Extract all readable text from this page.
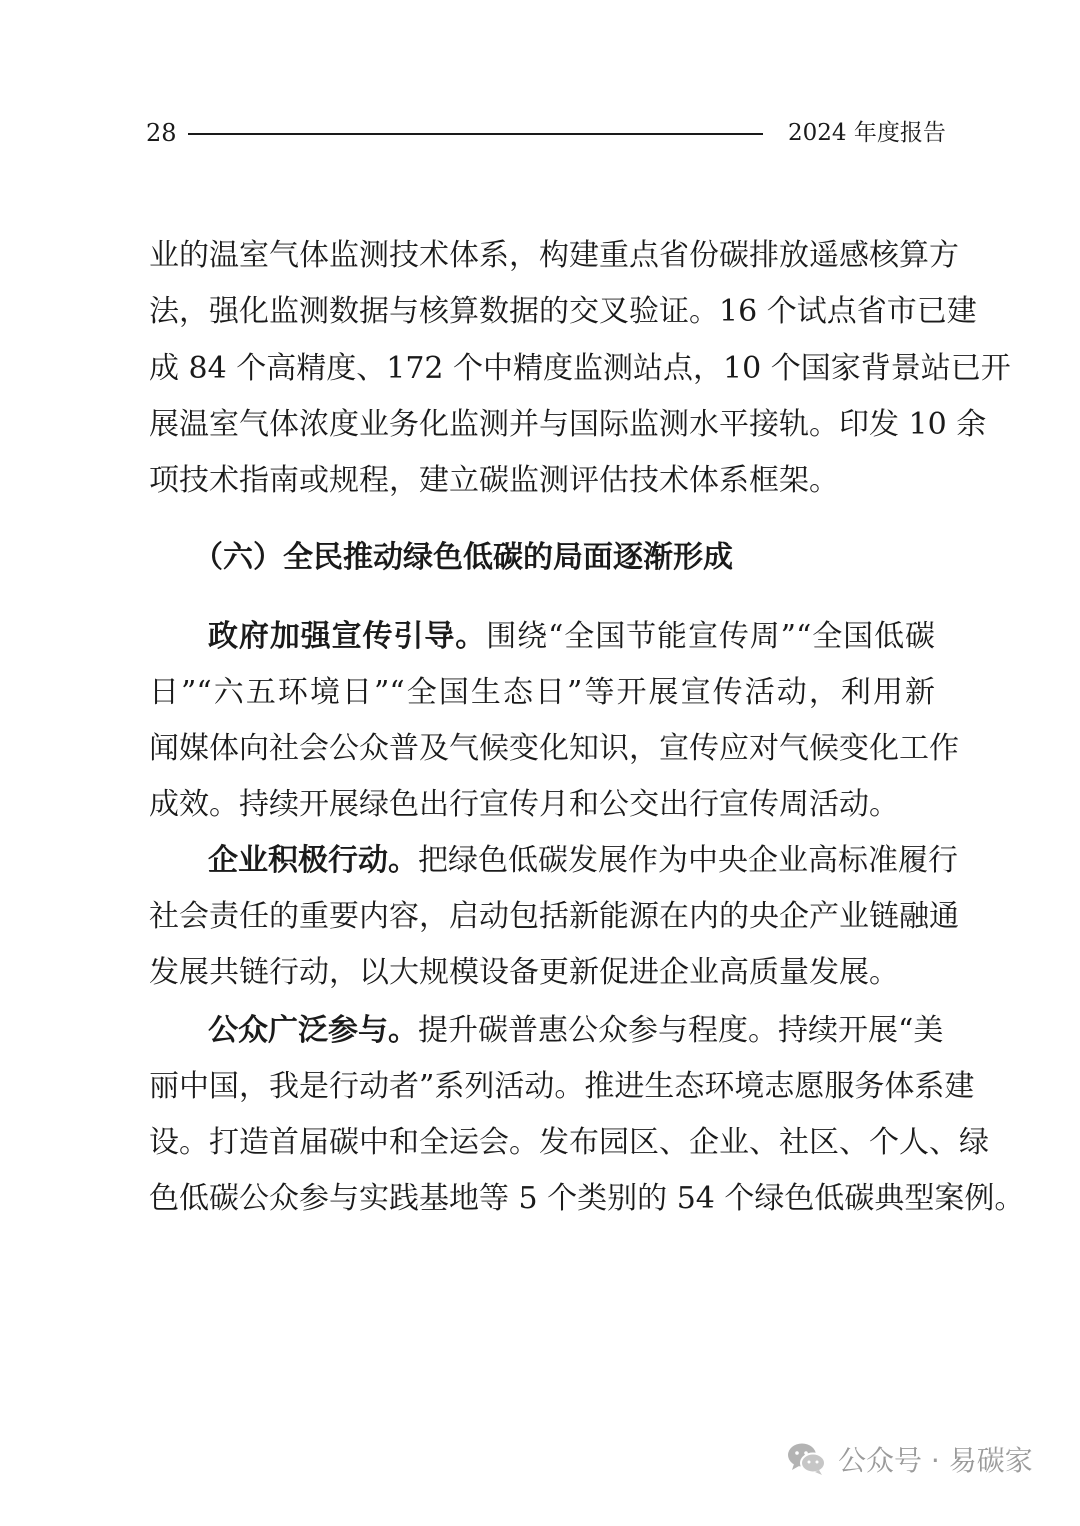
28	2024 年度报告
业的温室气体监测技术体系，构建重点省份碳排放遥感核算方
法，强化监测数据与核算数据的交叉验证。16 个试点省市已建
成 84 个高精度、172 个中精度监测站点，10 个国家背景站已开
展温室气体浓度业务化监测并与国际监测水平接轨。印发 10 余
项技术指南或规程，建立碳监测评估技术体系框架。
（六）全民推动绿色低碳的局面逐渐形成
政府加强宣传引导。围绕“全国节能宣传周”“全国低碳
日”“六五环境日”“全国生态日”等开展宣传活动，利用新
闻媒体向社会公众普及气候变化知识，宣传应对气候变化工作
成效。持续开展绿色出行宣传月和公交出行宣传周活动。
企业积极行动。把绿色低碳发展作为中央企业高标准履行
社会责任的重要内容，启动包括新能源在内的央企产业链融通
发展共链行动，以大规模设备更新促进企业高质量发展。
公众广泛参与。提升碳普惠公众参与程度。持续开展“美
丽中国，我是行动者”系列活动。推进生态环境志愿服务体系建
设。打造首届碳中和全运会。发布园区、企业、社区、个人、绿
色低碳公众参与实践基地等 5 个类别的 54 个绿色低碳典型案例。
公众号 · 易碳家
